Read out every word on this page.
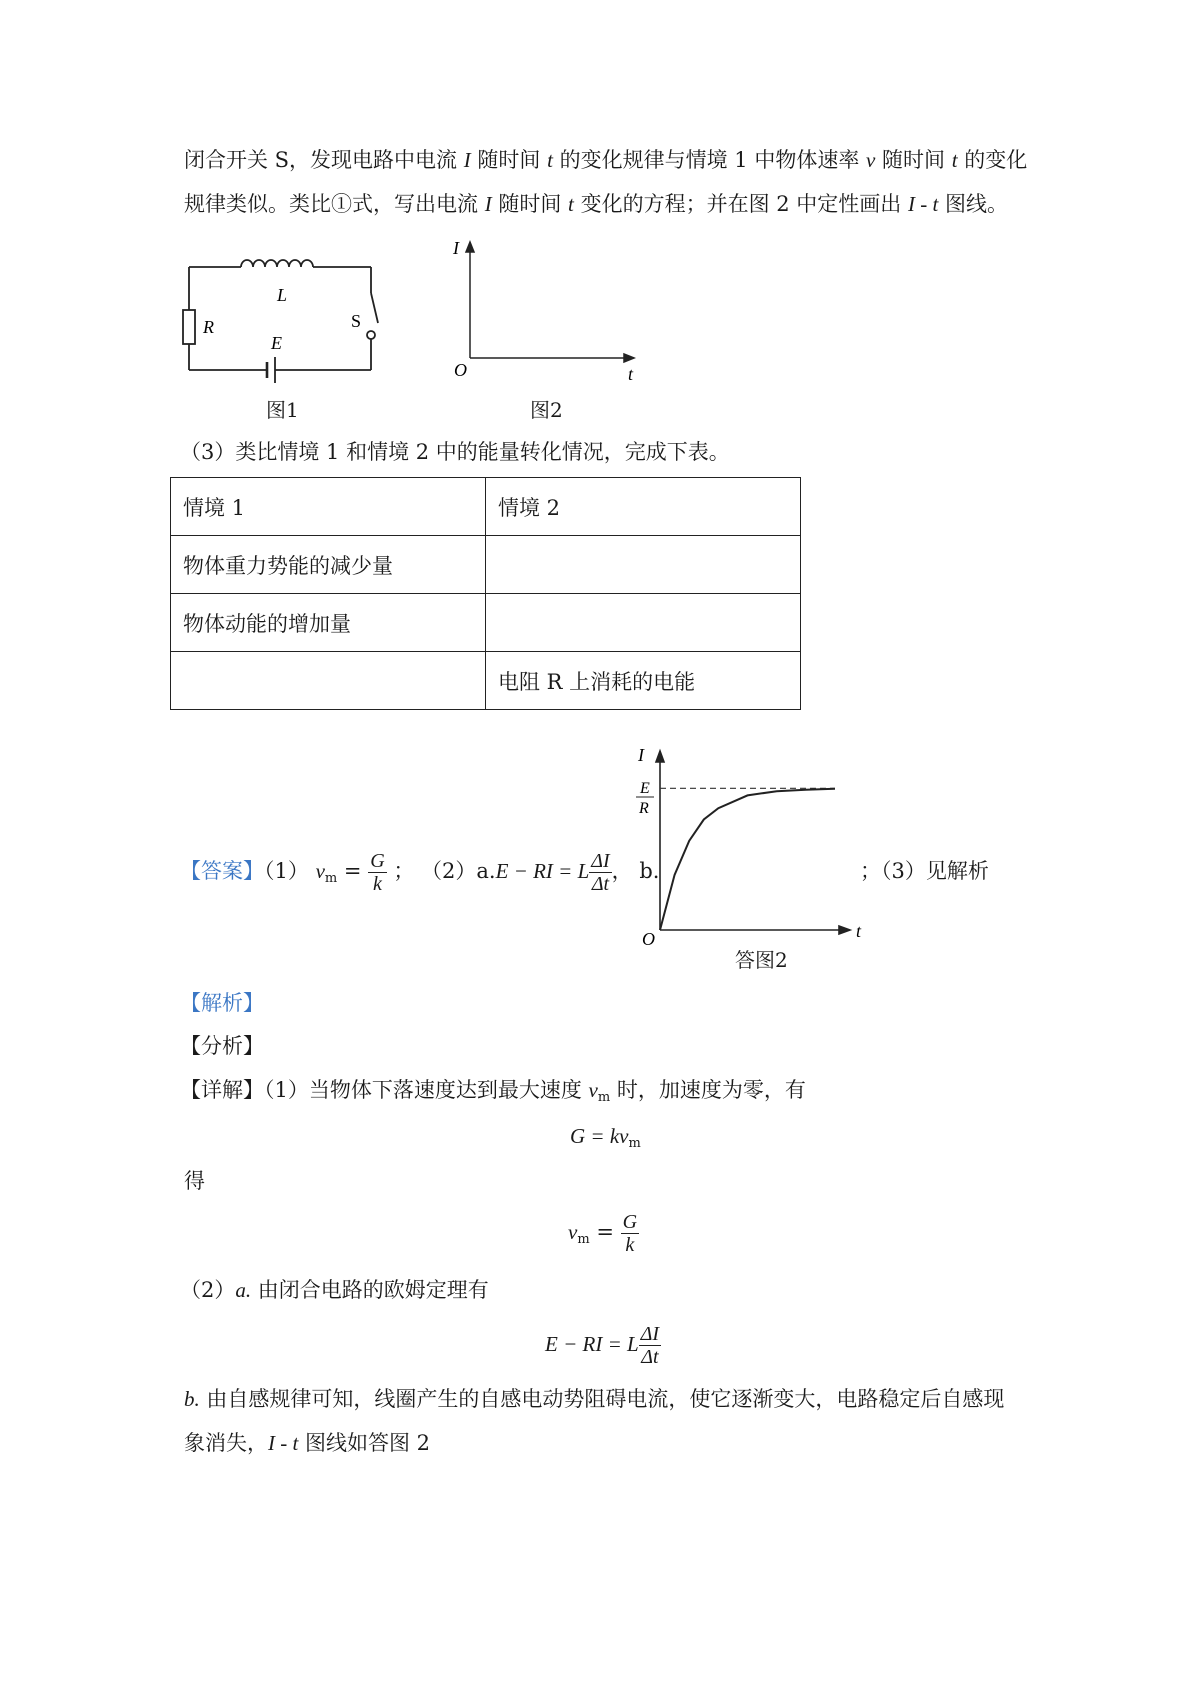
闭合开关 S，发现电路中电流 I 随时间 t 的变化规律与情境 1 中物体速率 v 随时间 t 的变化
规律类似。类比①式，写出电流 I 随时间 t 变化的方程；并在图 2 中定性画出 I - t 图线。
L
R	S
E
图1
I
t
O
图2
（3）类比情境 1 和情境 2 中的能量转化情况，完成下表。
情境 1	情境 2
物体重力势能的减少量	
物体动能的增加量	
	电阻 R 上消耗的电能
【答案】（1） $v_m = \frac{G}{k}$ ； （2）a.E − RI = L $\frac{\Delta I}{\Delta t}$ ， b.	；（3）见解析
I
t
O
E
R
答图2
【解析】
【分析】
【详解】（1）当物体下落速度达到最大速度 $v_m$ 时，加速度为零，有
$G = kv_m$
得
$v_m = \frac{G}{k}$
（2）a. 由闭合电路的欧姆定理有
E − RI = L $\frac{\Delta I}{\Delta t}$
b. 由自感规律可知，线圈产生的自感电动势阻碍电流，使它逐渐变大，电路稳定后自感现
象消失，I - t 图线如答图 2
